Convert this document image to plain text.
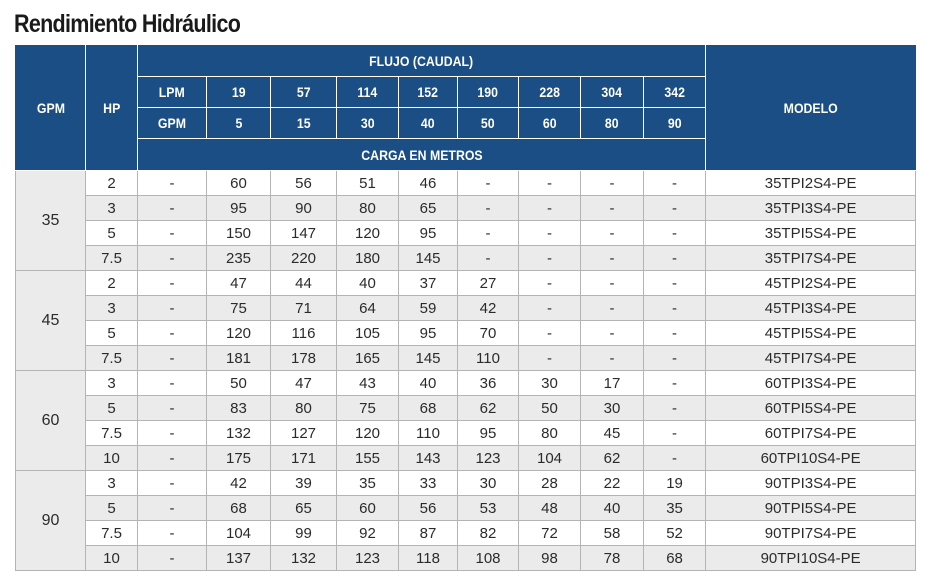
Rendimiento Hidráulico
GPM	HP	FLUJO (CAUDAL)									MODELO
		LPM	19	57	114	152	190	228	304	342	
		GPM	5	15	30	40	50	60	80	90	
		CARGA EN METROS									
35	2	-	60	56	51	46	-	-	-	-	35TPI2S4-PE
	3	-	95	90	80	65	-	-	-	-	35TPI3S4-PE
	5	-	150	147	120	95	-	-	-	-	35TPI5S4-PE
	7.5	-	235	220	180	145	-	-	-	-	35TPI7S4-PE
45	2	-	47	44	40	37	27	-	-	-	45TPI2S4-PE
	3	-	75	71	64	59	42	-	-	-	45TPI3S4-PE
	5	-	120	116	105	95	70	-	-	-	45TPI5S4-PE
	7.5	-	181	178	165	145	110	-	-	-	45TPI7S4-PE
60	3	-	50	47	43	40	36	30	17	-	60TPI3S4-PE
	5	-	83	80	75	68	62	50	30	-	60TPI5S4-PE
	7.5	-	132	127	120	110	95	80	45	-	60TPI7S4-PE
	10	-	175	171	155	143	123	104	62	-	60TPI10S4-PE
90	3	-	42	39	35	33	30	28	22	19	90TPI3S4-PE
	5	-	68	65	60	56	53	48	40	35	90TPI5S4-PE
	7.5	-	104	99	92	87	82	72	58	52	90TPI7S4-PE
	10	-	137	132	123	118	108	98	78	68	90TPI10S4-PE
